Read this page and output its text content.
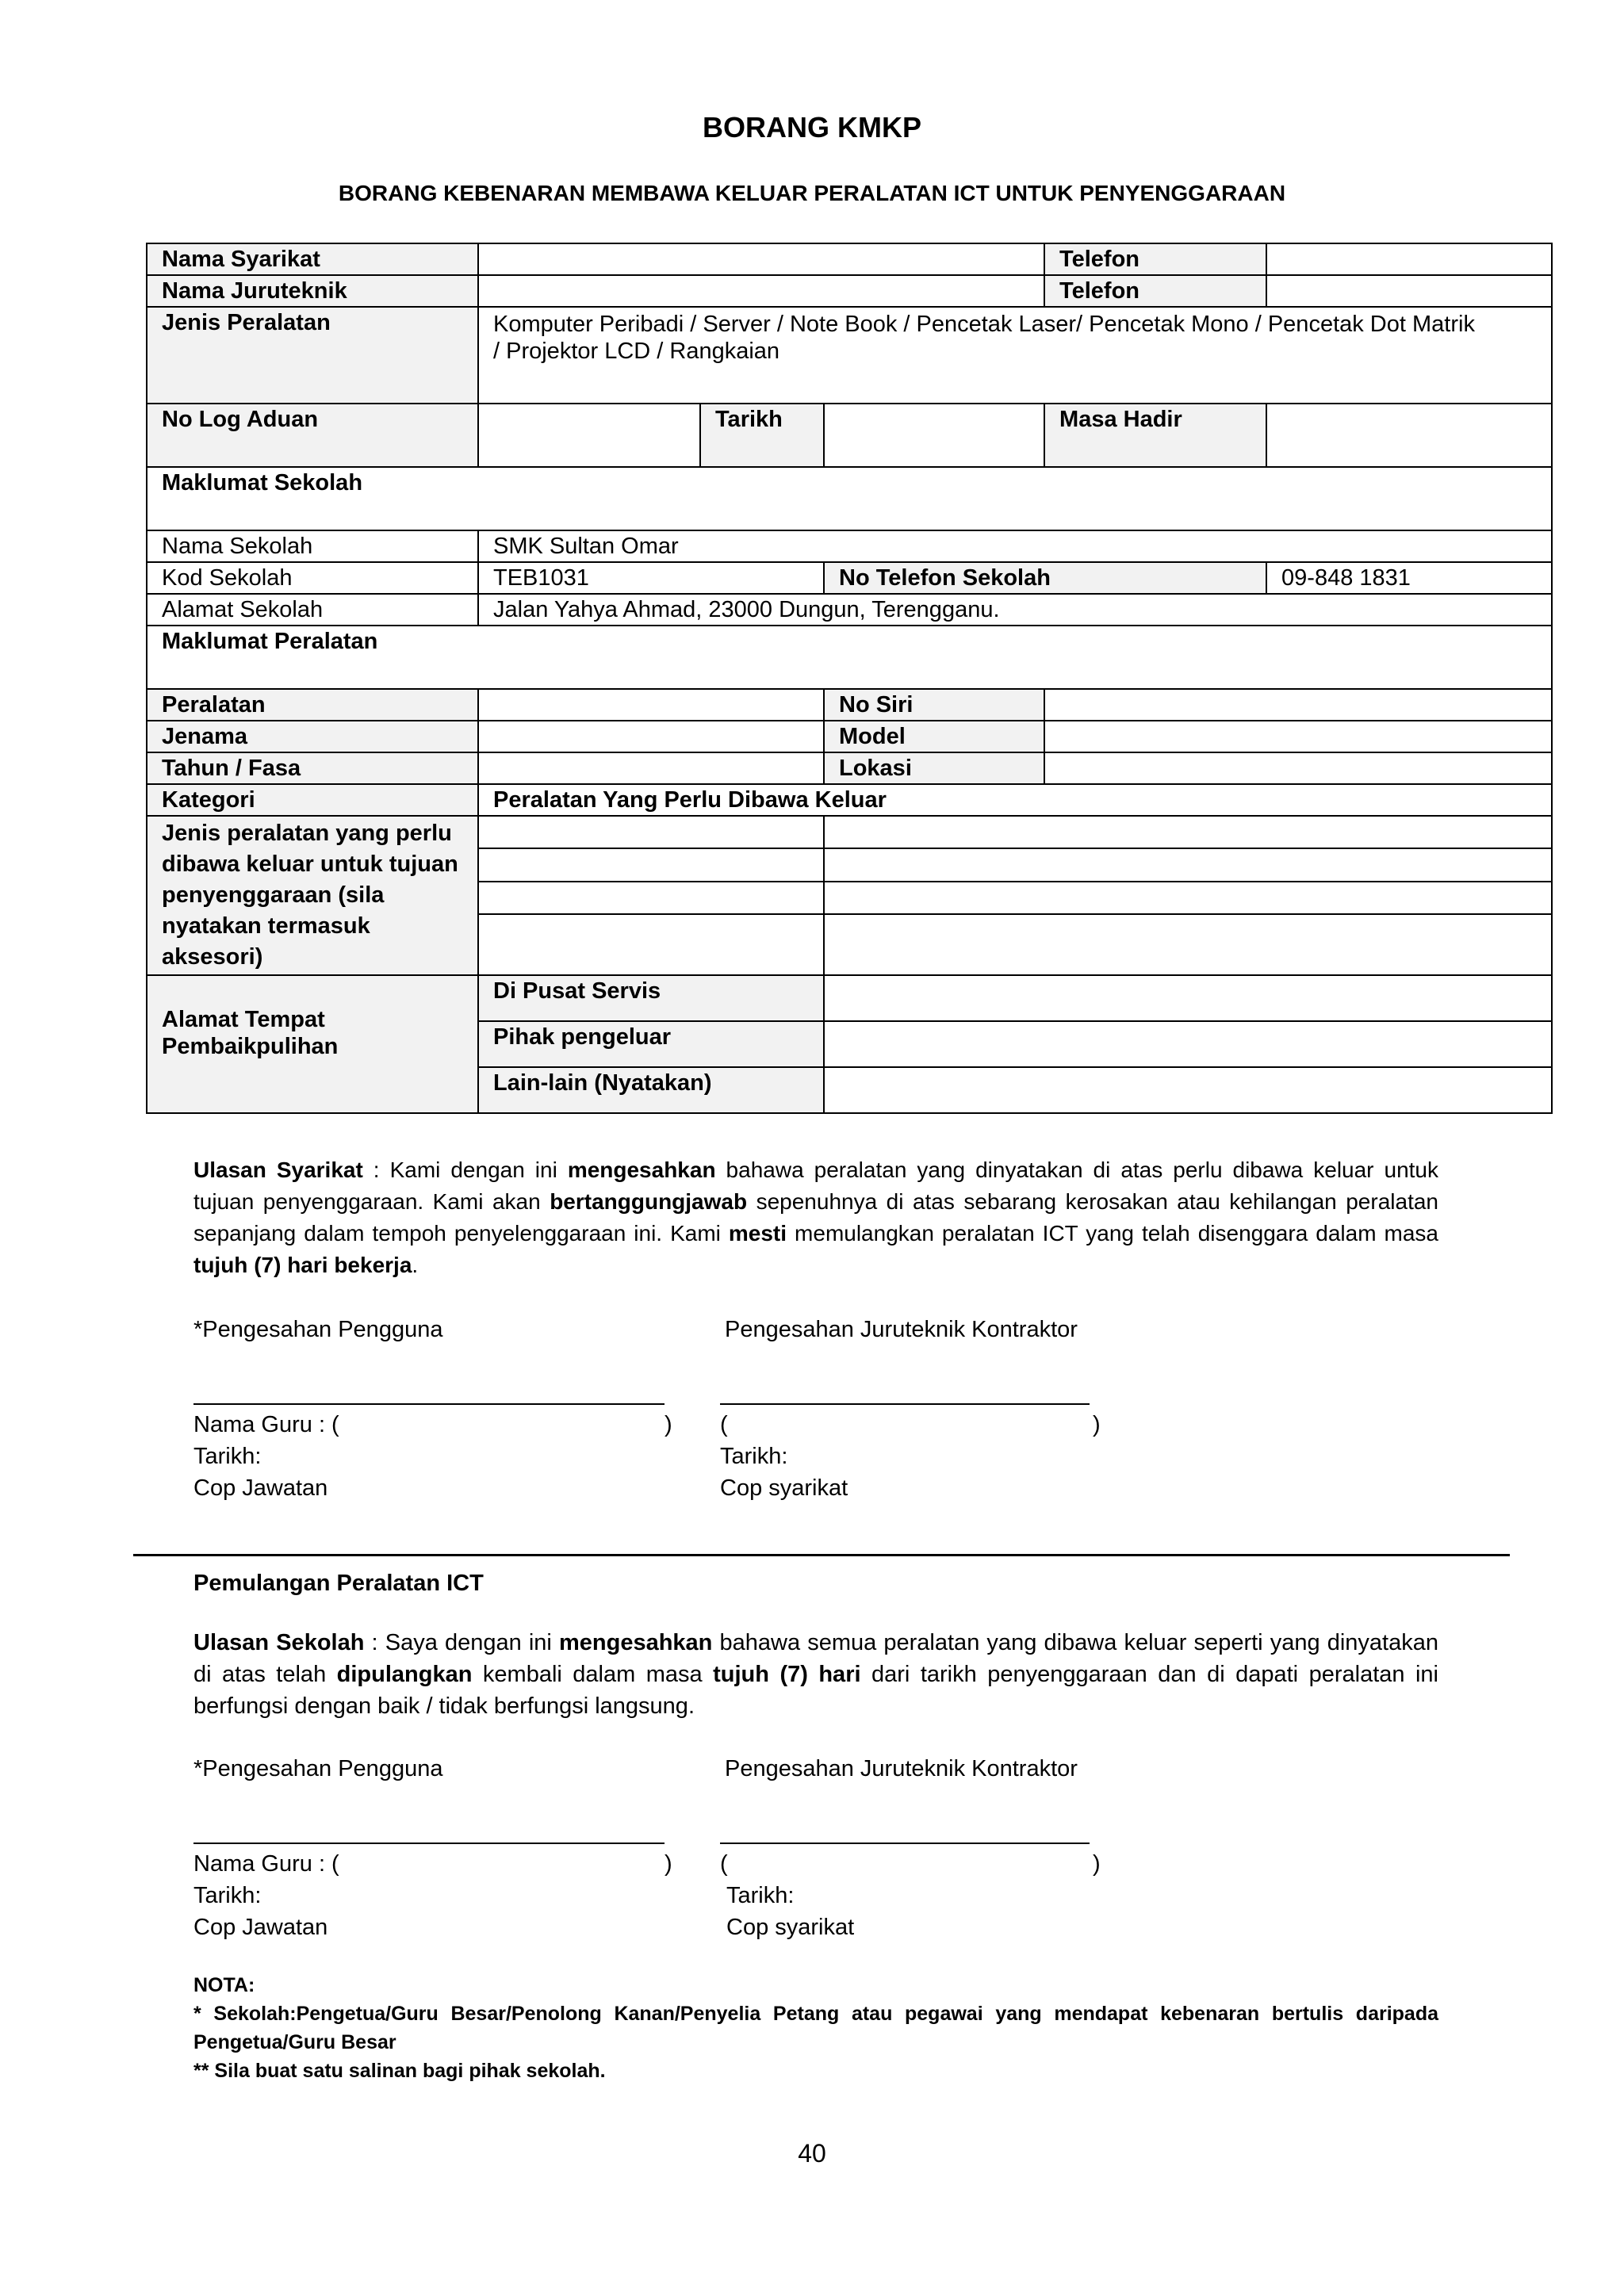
BORANG KMKP
BORANG KEBENARAN MEMBAWA KELUAR PERALATAN ICT UNTUK PENYENGGARAAN
Nama Syarikat				Telefon	
Nama Juruteknik				Telefon	
Jenis Peralatan	Komputer Peribadi / Server / Note Book / Pencetak Laser/ Pencetak Mono / Pencetak Dot Matrik / Projektor LCD / Rangkaian				
No Log Aduan		Tarikh		Masa Hadir	
Maklumat Sekolah					
Nama Sekolah	SMK Sultan Omar				
Kod Sekolah	TEB1031		No Telefon Sekolah		09-848 1831
Alamat Sekolah	Jalan Yahya Ahmad, 23000 Dungun, Terengganu.				
Maklumat Peralatan					
Peralatan			No Siri		
Jenama			Model		
Tahun / Fasa			Lokasi		
Kategori	Peralatan Yang Perlu Dibawa Keluar				
Jenis peralatan yang perlu dibawa keluar untuk tujuan penyenggaraan (sila nyatakan termasuk aksesori)					

Alamat Tempat Pembaikpulihan	Di Pusat Servis				
	Pihak pengeluar				
	Lain-lain (Nyatakan)				
Ulasan Syarikat : Kami dengan ini mengesahkan bahawa peralatan yang dinyatakan di atas perlu dibawa keluar untuk tujuan penyenggaraan. Kami akan bertanggungjawab sepenuhnya di atas sebarang kerosakan atau kehilangan peralatan sepanjang dalam tempoh penyelenggaraan ini. Kami mesti memulangkan peralatan ICT yang telah disenggara dalam masa tujuh (7) hari bekerja.
*Pengesahan Pengguna	Pengesahan Juruteknik Kontraktor
Nama Guru : (	) (	)
Tarikh:	Tarikh:
Cop Jawatan	Cop syarikat
Pemulangan Peralatan ICT
Ulasan Sekolah : Saya dengan ini mengesahkan bahawa semua peralatan yang dibawa keluar seperti yang dinyatakan di atas telah dipulangkan kembali dalam masa tujuh (7) hari dari tarikh penyenggaraan dan di dapati peralatan ini berfungsi dengan baik / tidak berfungsi langsung.
*Pengesahan Pengguna	Pengesahan Juruteknik Kontraktor
Nama Guru : (	) (	)
Tarikh:	Tarikh:
Cop Jawatan	Cop syarikat
NOTA:
* Sekolah:Pengetua/Guru Besar/Penolong Kanan/Penyelia Petang atau pegawai yang mendapat kebenaran bertulis daripada Pengetua/Guru Besar
** Sila buat satu salinan bagi pihak sekolah.
40
